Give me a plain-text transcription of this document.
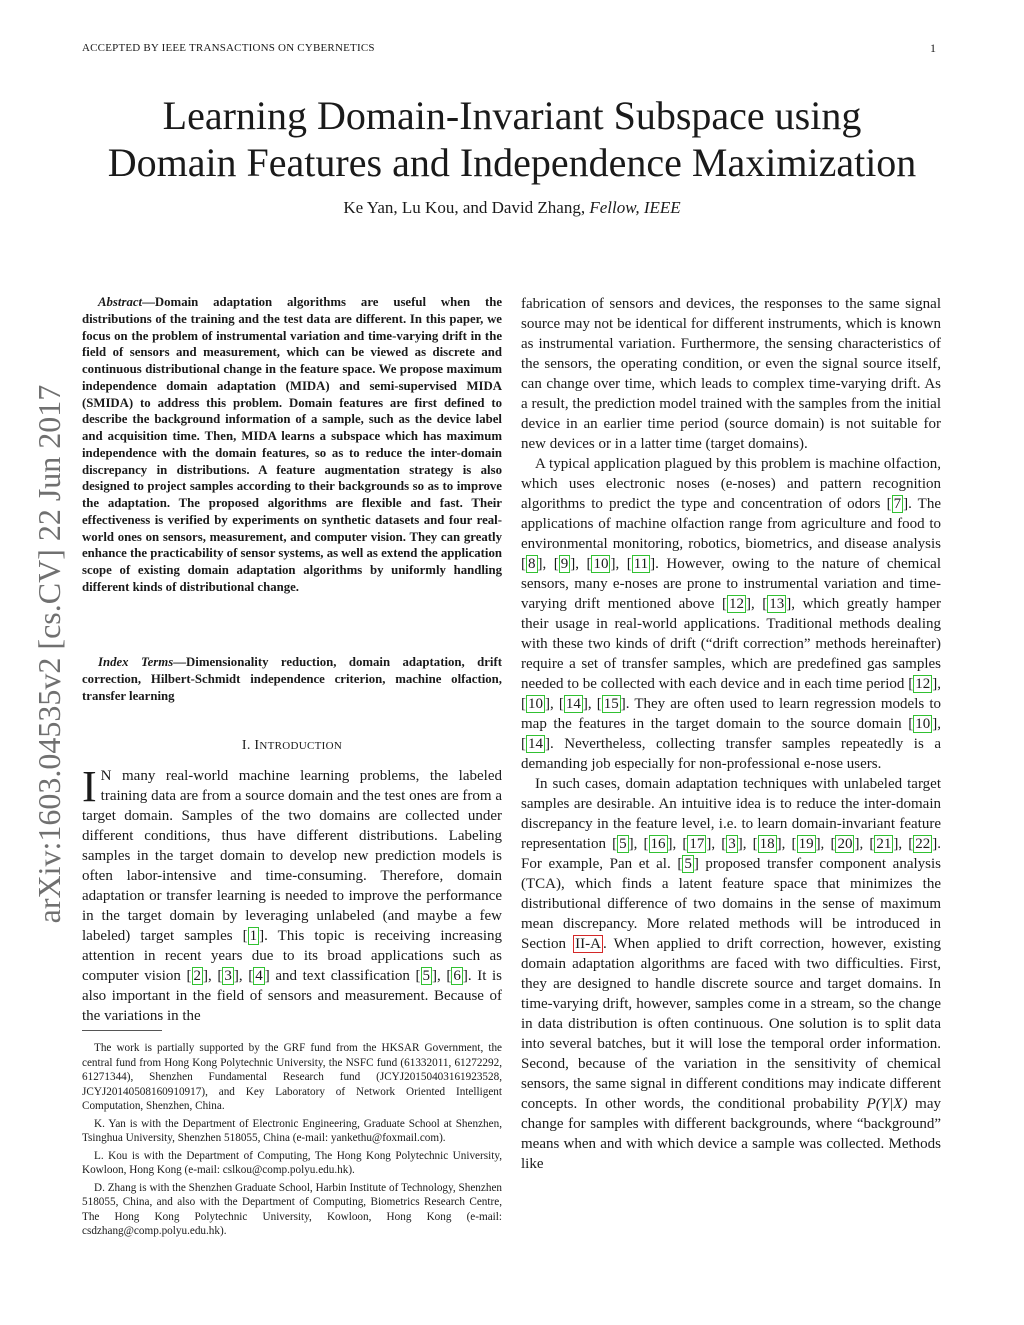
ACCEPTED BY IEEE TRANSACTIONS ON CYBERNETICS	1
Learning Domain-Invariant Subspace using
Domain Features and Independence Maximization
Ke Yan, Lu Kou, and David Zhang, Fellow, IEEE
arXiv:1603.04535v2 [cs.CV] 22 Jun 2017

Abstract—Domain adaptation algorithms are useful when the distributions of the training and the test data are different. In this paper, we focus on the problem of instrumental variation and time-varying drift in the field of sensors and measurement, which can be viewed as discrete and continuous distributional change in the feature space. We propose maximum independence domain adaptation (MIDA) and semi-supervised MIDA (SMIDA) to address this problem. Domain features are first defined to describe the background information of a sample, such as the device label and acquisition time. Then, MIDA learns a subspace which has maximum independence with the domain features, so as to reduce the inter-domain discrepancy in distributions. A feature augmentation strategy is also designed to project samples according to their backgrounds so as to improve the adaptation. The proposed algorithms are flexible and fast. Their effectiveness is verified by experiments on synthetic datasets and four real-world ones on sensors, measurement, and computer vision. They can greatly enhance the practicability of sensor systems, as well as extend the application scope of existing domain adaptation algorithms by uniformly handling different kinds of distributional change.

Index Terms—Dimensionality reduction, domain adaptation, drift correction, Hilbert-Schmidt independence criterion, machine olfaction, transfer learning

I. INTRODUCTION

I N many real-world machine learning problems, the labeled training data are from a source domain and the test ones are from a target domain. Samples of the two domains are collected under different conditions, thus have different distributions. Labeling samples in the target domain to develop new prediction models is often labor-intensive and time-consuming. Therefore, domain adaptation or transfer learning is needed to improve the performance in the target domain by leveraging unlabeled (and maybe a few labeled) target samples [ 1 ]. This topic is receiving increasing attention in recent years due to its broad applications such as computer vision [ 2 ], [ 3 ], [ 4 ] and text classification [ 5 ], [ 6 ]. It is also important in the field of sensors and measurement. Because of the variations in the

The work is partially supported by the GRF fund from the HKSAR Government, the central fund from Hong Kong Polytechnic University, the NSFC fund (61332011, 61272292, 61271344), Shenzhen Fundamental Research fund (JCYJ20150403161923528, JCYJ20140508160910917), and Key Laboratory of Network Oriented Intelligent Computation, Shenzhen, China.

K. Yan is with the Department of Electronic Engineering, Graduate School at Shenzhen, Tsinghua University, Shenzhen 518055, China (e-mail: yankethu@foxmail.com).

L. Kou is with the Department of Computing, The Hong Kong Polytechnic University, Kowloon, Hong Kong (e-mail: cslkou@comp.polyu.edu.hk).

D. Zhang is with the Shenzhen Graduate School, Harbin Institute of Technology, Shenzhen 518055, China, and also with the Department of Computing, Biometrics Research Centre, The Hong Kong Polytechnic University, Kowloon, Hong Kong (e-mail: csdzhang@comp.polyu.edu.hk).

fabrication of sensors and devices, the responses to the same signal source may not be identical for different instruments, which is known as instrumental variation. Furthermore, the sensing characteristics of the sensors, the operating condition, or even the signal source itself, can change over time, which leads to complex time-varying drift. As a result, the prediction model trained with the samples from the initial device in an earlier time period (source domain) is not suitable for new devices or in a latter time (target domains).

A typical application plagued by this problem is machine olfaction, which uses electronic noses (e-noses) and pattern recognition algorithms to predict the type and concentration of odors [ 7 ]. The applications of machine olfaction range from agriculture and food to environmental monitoring, robotics, biometrics, and disease analysis [ 8 ], [ 9 ], [ 10 ], [ 11 ]. However, owing to the nature of chemical sensors, many e-noses are prone to instrumental variation and time-varying drift mentioned above [ 12 ], [ 13 ], which greatly hamper their usage in real-world applications. Traditional methods dealing with these two kinds of drift (“drift correction” methods hereinafter) require a set of transfer samples, which are predefined gas samples needed to be collected with each device and in each time period [ 12 ], [ 10 ], [ 14 ], [ 15 ]. They are often used to learn regression models to map the features in the target domain to the source domain [ 10 ], [ 14 ]. Nevertheless, collecting transfer samples repeatedly is a demanding job especially for non-professional e-nose users.

In such cases, domain adaptation techniques with unlabeled target samples are desirable. An intuitive idea is to reduce the inter-domain discrepancy in the feature level, i.e. to learn domain-invariant feature representation [ 5 ], [ 16 ], [ 17 ], [ 3 ], [ 18 ], [ 19 ], [ 20 ], [ 21 ], [ 22 ]. For example, Pan et al. [ 5 ] proposed transfer component analysis (TCA), which finds a latent feature space that minimizes the distributional difference of two domains in the sense of maximum mean discrepancy. More related methods will be introduced in Section II-A . When applied to drift correction, however, existing domain adaptation algorithms are faced with two difficulties. First, they are designed to handle discrete source and target domains. In time-varying drift, however, samples come in a stream, so the change in data distribution is often continuous. One solution is to split data into several batches, but it will lose the temporal order information. Second, because of the variation in the sensitivity of chemical sensors, the same signal in different conditions may indicate different concepts. In other words, the conditional probability P(Y|X) may change for samples with different backgrounds, where “background” means when and with which device a sample was collected. Methods like
